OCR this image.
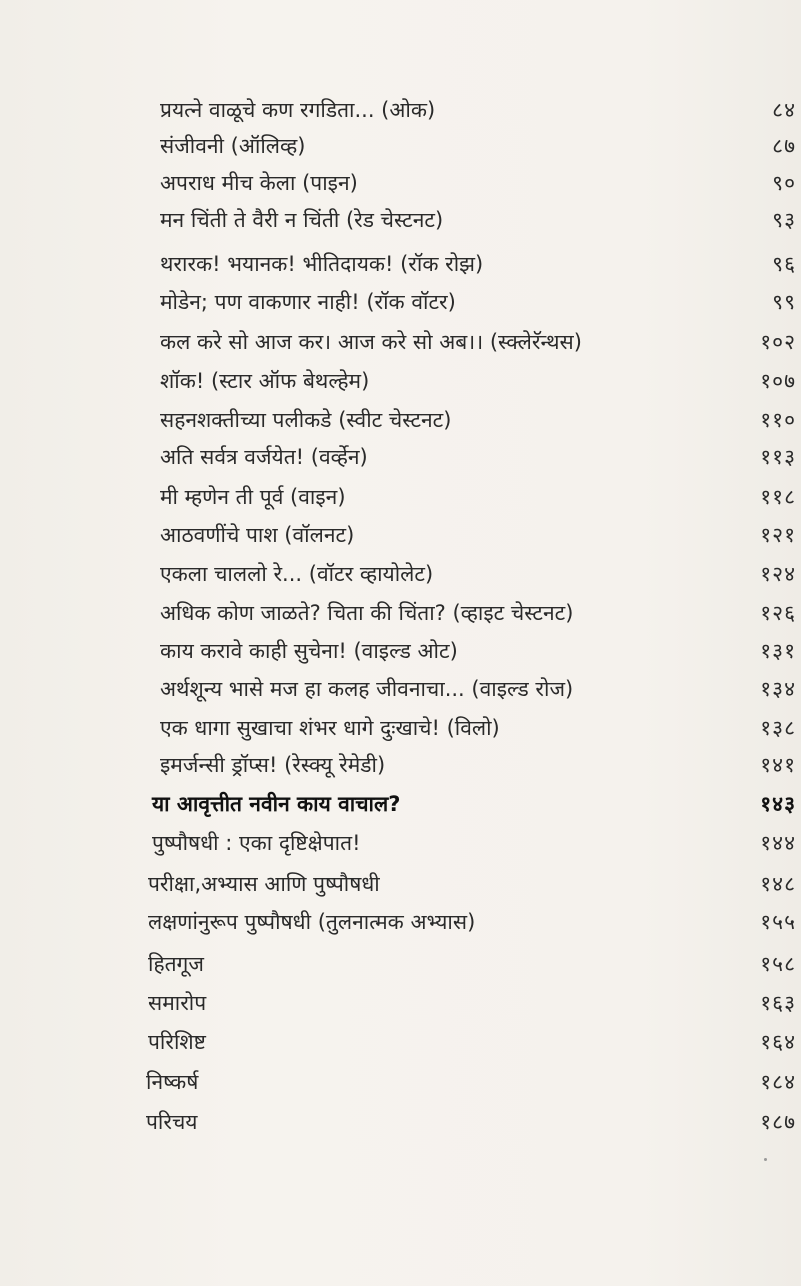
प्रयत्ने वाळूचे कण रगडिता... (ओक)	८४
संजीवनी (ऑलिव्ह)	८७
अपराध मीच केला (पाइन)	९०
मन चिंती ते वैरी न चिंती (रेड चेस्टनट)	९३
थरारक! भयानक! भीतिदायक! (रॉक रोझ)	९६
मोडेन; पण वाकणार नाही! (रॉक वॉटर)	९९
कल करे सो आज कर। आज करे सो अब।। (स्क्लेरॅन्थस)	१०२
शॉक! (स्टार ऑफ बेथल्हेम)	१०७
सहनशक्तीच्या पलीकडे (स्वीट चेस्टनट)	११०
अति सर्वत्र वर्जयेत! (वर्व्हेन)	११३
मी म्हणेन ती पूर्व (वाइन)	११८
आठवणींचे पाश (वॉलनट)	१२१
एकला चाललो रे... (वॉटर व्हायोलेट)	१२४
अधिक कोण जाळते? चिता की चिंता? (व्हाइट चेस्टनट)	१२६
काय करावे काही सुचेना! (वाइल्ड ओट)	१३१
अर्थशून्य भासे मज हा कलह जीवनाचा... (वाइल्ड रोज)	१३४
एक धागा सुखाचा शंभर धागे दुःखाचे! (विलो)	१३८
इमर्जन्सी ड्रॉप्स! (रेस्क्यू रेमेडी)	१४१
या आवृत्तीत नवीन काय वाचाल?	१४३
पुष्पौषधी : एका दृष्टिक्षेपात!	१४४
परीक्षा,अभ्यास आणि पुष्पौषधी	१४८
लक्षणांनुरूप पुष्पौषधी (तुलनात्मक अभ्यास)	१५५
हितगूज	१५८
समारोप	१६३
परिशिष्ट	१६४
निष्कर्ष	१८४
परिचय	१८७
